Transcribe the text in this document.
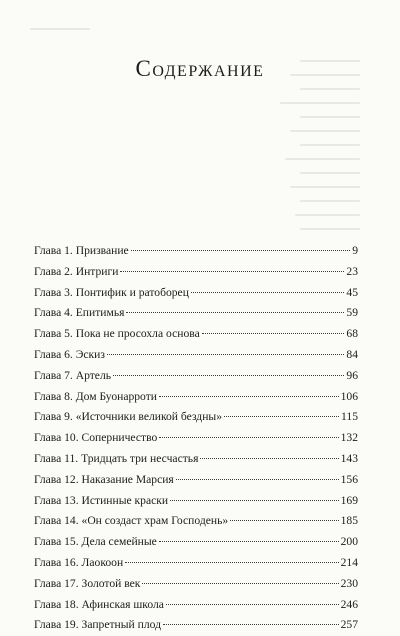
Содержание
Глава 1. Призвание	9
Глава 2. Интриги	23
Глава 3. Понтифик и ратоборец	45
Глава 4. Епитимья	59
Глава 5. Пока не просохла основа	68
Глава 6. Эскиз	84
Глава 7. Артель	96
Глава 8. Дом Буонарроти	106
Глава 9. «Источники великой бездны»	115
Глава 10. Соперничество	132
Глава 11. Тридцать три несчастья	143
Глава 12. Наказание Марсия	156
Глава 13. Истинные краски	169
Глава 14. «Он создаст храм Господень»	185
Глава 15. Дела семейные	200
Глава 16. Лаокоон	214
Глава 17. Золотой век	230
Глава 18. Афинская школа	246
Глава 19. Запретный плод	257
